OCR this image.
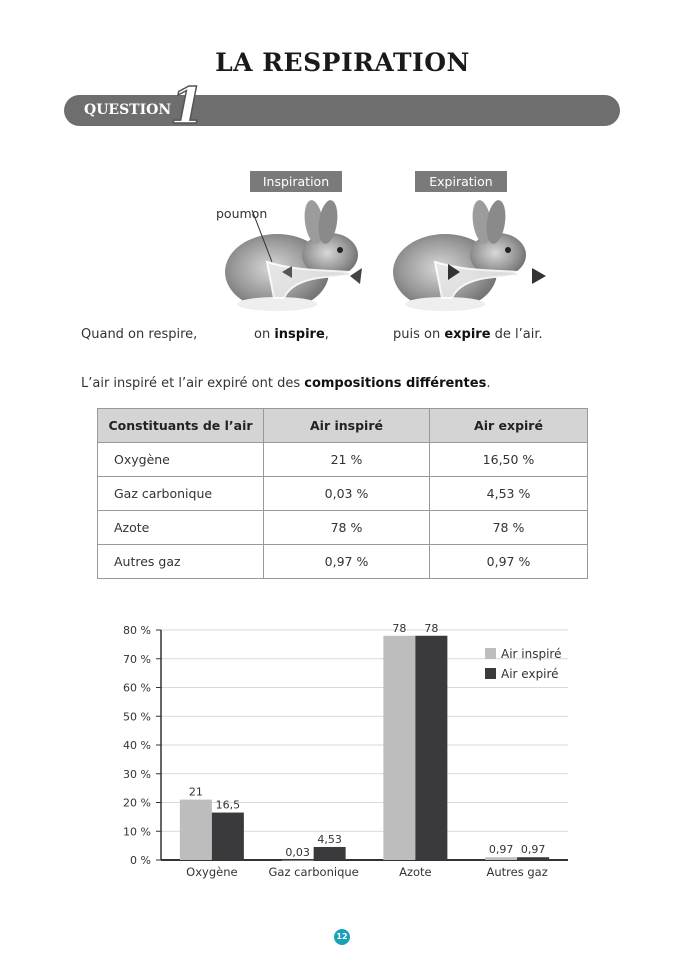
LA RESPIRATION
QUESTION
1
Inspiration	Expiration
poumon
Quand on respire,	on inspire,	puis on expire de l’air.
L’air inspiré et l’air expiré ont des compositions différentes.
Constituants de l’air	Air inspiré	Air expiré
Oxygène	21 %	16,50 %
Gaz carbonique	0,03 %	4,53 %
Azote	78 %	78 %
Autres gaz	0,97 %	0,97 %
0 %
10 %
20 %
30 %
40 %
50 %
60 %
70 %
80 %
21
16,5
Oxygène
0,03
4,53
Gaz carbonique
78 78
Azote
0,97 0,97
Autres gaz
Air inspiré
Air expiré
12
